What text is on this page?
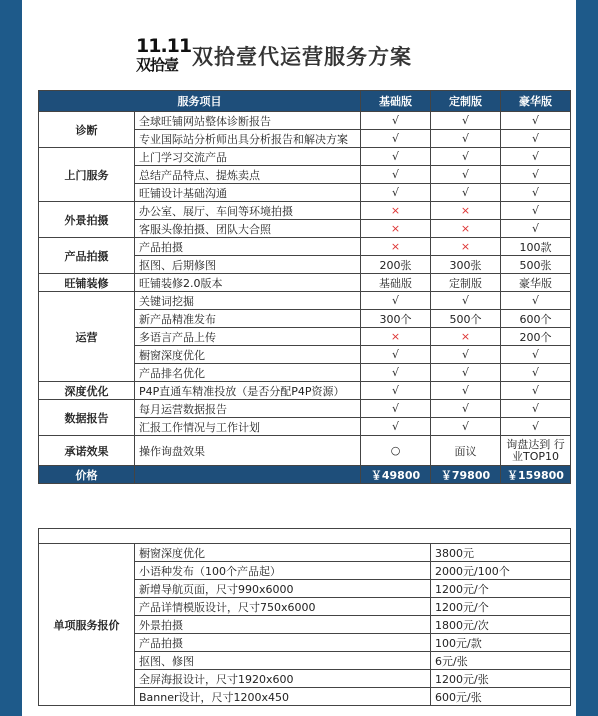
11.11
双拾壹 双拾壹代运营服务方案
服务项目		基础版	定制版	豪华版
诊断	全球旺铺网站整体诊断报告	√	√	√
	专业国际站分析师出具分析报告和解决方案	√	√	√
上门服务	上门学习交流产品	√	√	√
	总结产品特点、提炼卖点	√	√	√
	旺铺设计基础沟通	√	√	√
外景拍摄	办公室、展厅、车间等环境拍摄	×	×	√
	客服头像拍摄、团队大合照	×	×	√
产品拍摄	产品拍摄	×	×	100款
	抠图、后期修图	200张	300张	500张
旺铺装修	旺铺装修2.0版本	基础版	定制版	豪华版
运营	关键词挖掘	√	√	√
	新产品精准发布	300个	500个	600个
	多语言产品上传	×	×	200个
	橱窗深度优化	√	√	√
	产品排名优化	√	√	√
深度优化	P4P直通车精准投放（是否分配P4P资源）	√	√	√
数据报告	每月运营数据报告	√	√	√
	汇报工作情况与工作计划	√	√	√
承诺效果	操作询盘效果	○	面议	询盘达到 行业TOP10
价格		￥49800	￥79800	￥159800

单项服务报价	橱窗深度优化	3800元
	小语种发布（100个产品起）	2000元/100个
	新增导航页面，尺寸990x6000	1200元/个
	产品详情模版设计，尺寸750x6000	1200元/个
	外景拍摄	1800元/次
	产品拍摄	100元/款
	抠图、修图	6元/张
	全屏海报设计，尺寸1920x600	1200元/张
	Banner设计，尺寸1200x450	600元/张
